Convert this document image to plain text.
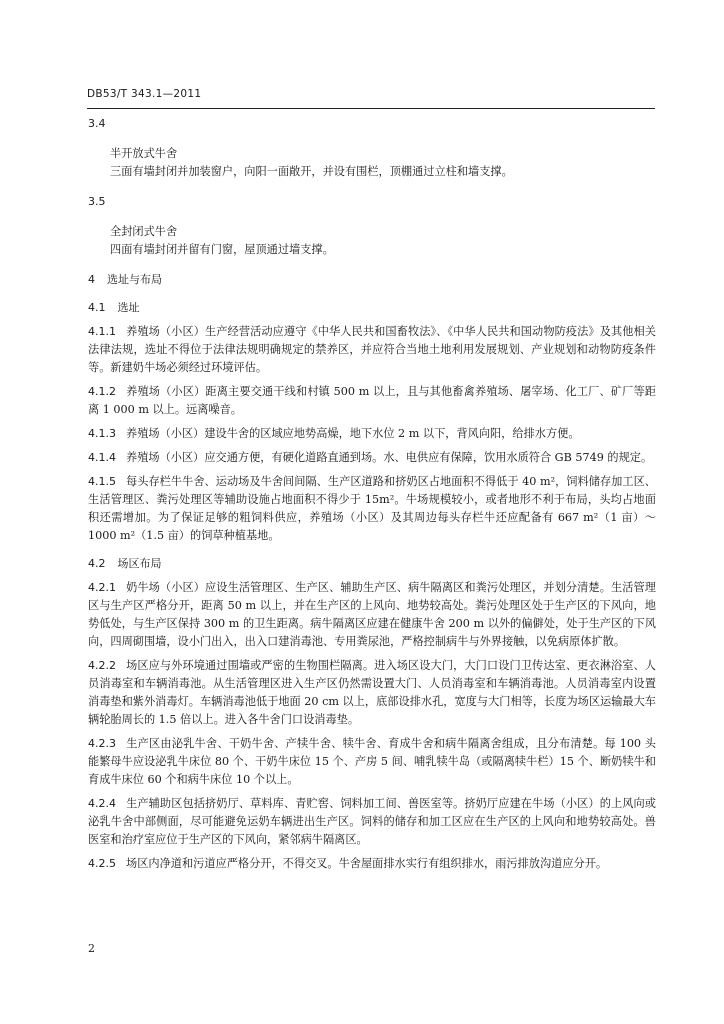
DB53/T 343.1—2011
3.4
半开放式牛舍
三面有墙封闭并加装窗户，向阳一面敞开，并设有围栏，顶棚通过立柱和墙支撑。
3.5
全封闭式牛舍
四面有墙封闭并留有门窗，屋顶通过墙支撑。
4 选址与布局
4.1 选址
4.1.1 养殖场（小区）生产经营活动应遵守《中华人民共和国畜牧法》、《中华人民共和国动物防疫法》及其他相关法律法规，选址不得位于法律法规明确规定的禁养区，并应符合当地土地利用发展规划、产业规划和动物防疫条件等。新建奶牛场必须经过环境评估。
4.1.2 养殖场（小区）距离主要交通干线和村镇 500 m 以上，且与其他畜禽养殖场、屠宰场、化工厂、矿厂等距离 1 000 m 以上。远离噪音。
4.1.3 养殖场（小区）建设牛舍的区域应地势高燥，地下水位 2 m 以下，背风向阳，给排水方便。
4.1.4 养殖场（小区）应交通方便，有硬化道路直通到场。水、电供应有保障，饮用水质符合 GB 5749 的规定。
4.1.5 每头存栏牛牛舍、运动场及牛舍间间隔、生产区道路和挤奶区占地面积不得低于 40 m²，饲料储存加工区、生活管理区、粪污处理区等辅助设施占地面积不得少于 15m²。牛场规模较小，或者地形不利于布局，头均占地面积还需增加。为了保证足够的粗饲料供应，养殖场（小区）及其周边每头存栏牛还应配备有 667 m²（1 亩）～1000 m²（1.5 亩）的饲草种植基地。
4.2 场区布局
4.2.1 奶牛场（小区）应设生活管理区、生产区、辅助生产区、病牛隔离区和粪污处理区，并划分清楚。生活管理区与生产区严格分开，距离 50 m 以上，并在生产区的上风向、地势较高处。粪污处理区处于生产区的下风向，地势低处，与生产区保持 300 m 的卫生距离。病牛隔离区应建在健康牛舍 200 m 以外的偏僻处，处于生产区的下风向，四周砌围墙，设小门出入，出入口建消毒池、专用粪尿池，严格控制病牛与外界接触，以免病原体扩散。
4.2.2 场区应与外环境通过围墙或严密的生物围栏隔离。进入场区设大门，大门口设门卫传达室、更衣淋浴室、人员消毒室和车辆消毒池。从生活管理区进入生产区仍然需设置大门、人员消毒室和车辆消毒池。人员消毒室内设置消毒垫和紫外消毒灯。车辆消毒池低于地面 20 cm 以上，底部设排水孔，宽度与大门相等，长度为场区运输最大车辆轮胎周长的 1.5 倍以上。进入各牛舍门口设消毒垫。
4.2.3 生产区由泌乳牛舍、干奶牛舍、产犊牛舍、犊牛舍、育成牛舍和病牛隔离舍组成，且分布清楚。每 100 头能繁母牛应设泌乳牛床位 80 个、干奶牛床位 15 个、产房 5 间、哺乳犊牛岛（或隔离犊牛栏）15 个、断奶犊牛和育成牛床位 60 个和病牛床位 10 个以上。
4.2.4 生产辅助区包括挤奶厅、草料库、青贮窖、饲料加工间、兽医室等。挤奶厅应建在牛场（小区）的上风向或泌乳牛舍中部侧面，尽可能避免运奶车辆进出生产区。饲料的储存和加工区应在生产区的上风向和地势较高处。兽医室和治疗室应位于生产区的下风向，紧邻病牛隔离区。
4.2.5 场区内净道和污道应严格分开，不得交叉。牛舍屋面排水实行有组织排水，雨污排放沟道应分开。
2
